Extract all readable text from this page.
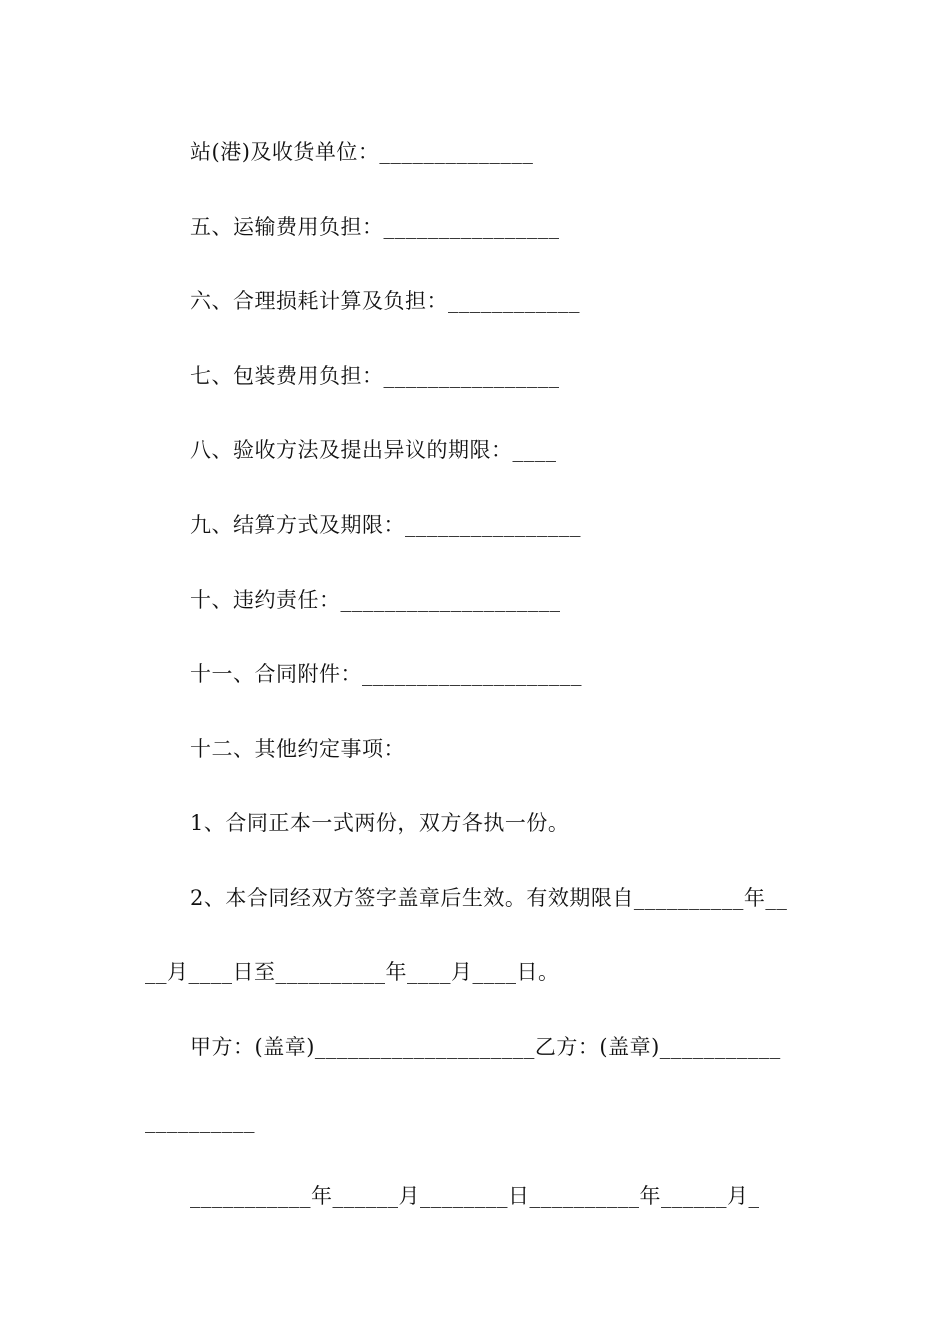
站(港)及收货单位：______________
五、运输费用负担：________________
六、合理损耗计算及负担：____________
七、包装费用负担：________________
八、验收方法及提出异议的期限：____
九、结算方式及期限：________________
十、违约责任：____________________
十一、合同附件：____________________
十二、其他约定事项：
1、合同正本一式两份，双方各执一份。
2、本合同经双方签字盖章后生效。有效期限自__________年__
__月____日至__________年____月____日。
甲方：(盖章)____________________乙方：(盖章)___________
__________
___________年______月________日__________年______月_
